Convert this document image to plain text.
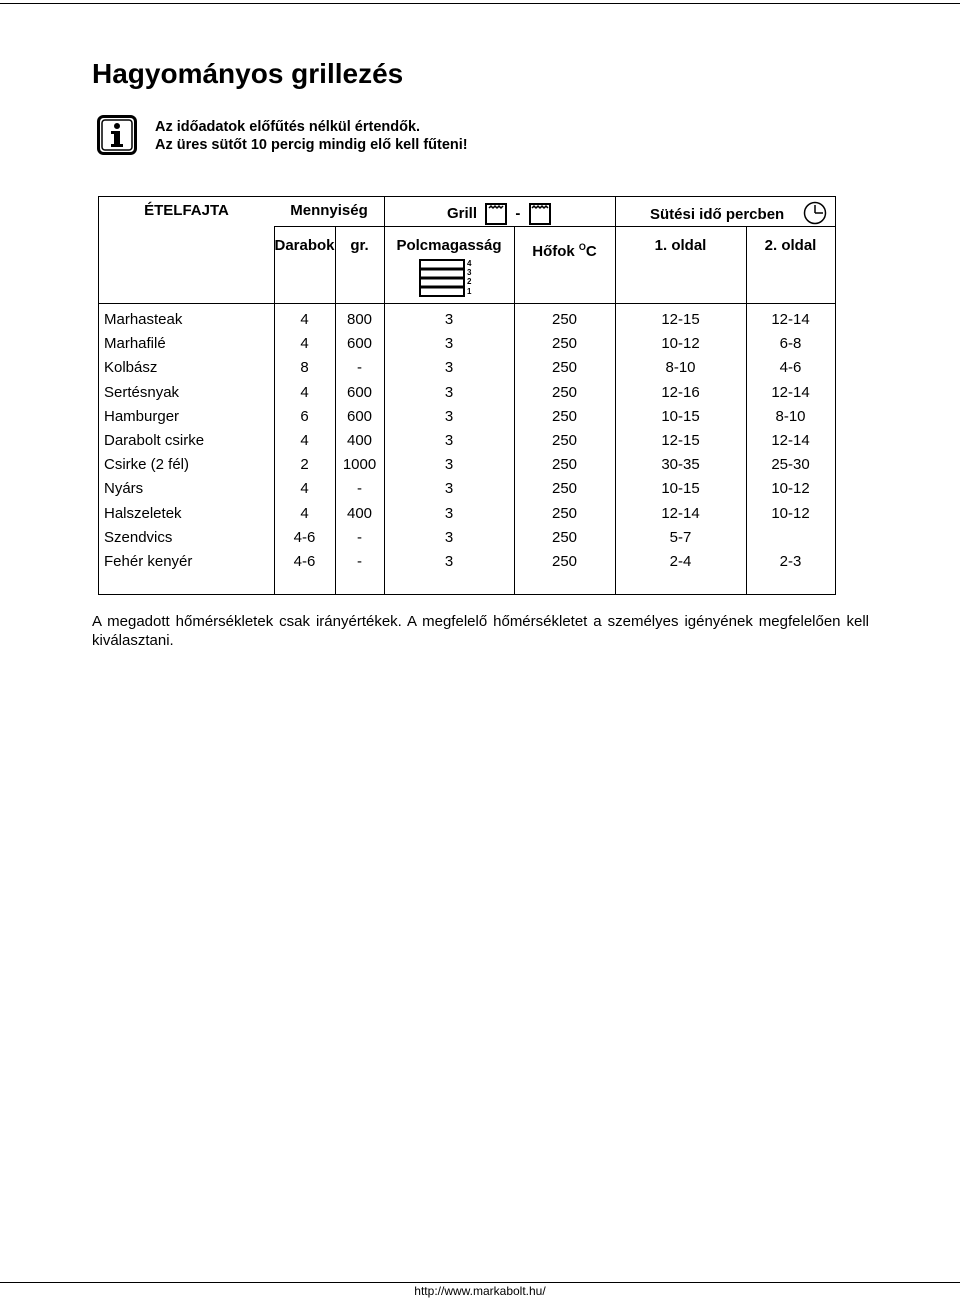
Hagyományos grillezés
Az időadatok előfűtés nélkül értendők.
Az üres sütőt 10 percig mindig elő kell fűteni!
ÉTELFAJTA	Mennyiség	Grill	-	Sütési idő percben
Darabok	gr.	Polcmagasság	Hőfok $^O$C	1. oldal	2. oldal
4
3
2
1
Marhasteak	4	800	3	250	12-15	12-14
Marhafilé	4	600	3	250	10-12	6-8
Kolbász	8	-	3	250	8-10	4-6
Sertésnyak	4	600	3	250	12-16	12-14
Hamburger	6	600	3	250	10-15	8-10
Darabolt csirke	4	400	3	250	12-15	12-14
Csirke (2 fél)	2	1000	3	250	30-35	25-30
Nyárs	4	-	3	250	10-15	10-12
Halszeletek	4	400	3	250	12-14	10-12
Szendvics	4-6	-	3	250	5-7
Fehér kenyér	4-6	-	3	250	2-4	2-3
A megadott hőmérsékletek csak irányértékek. A megfelelő hőmérsékletet a személyes igényének megfelelően kell kiválasztani.
http://www.markabolt.hu/
